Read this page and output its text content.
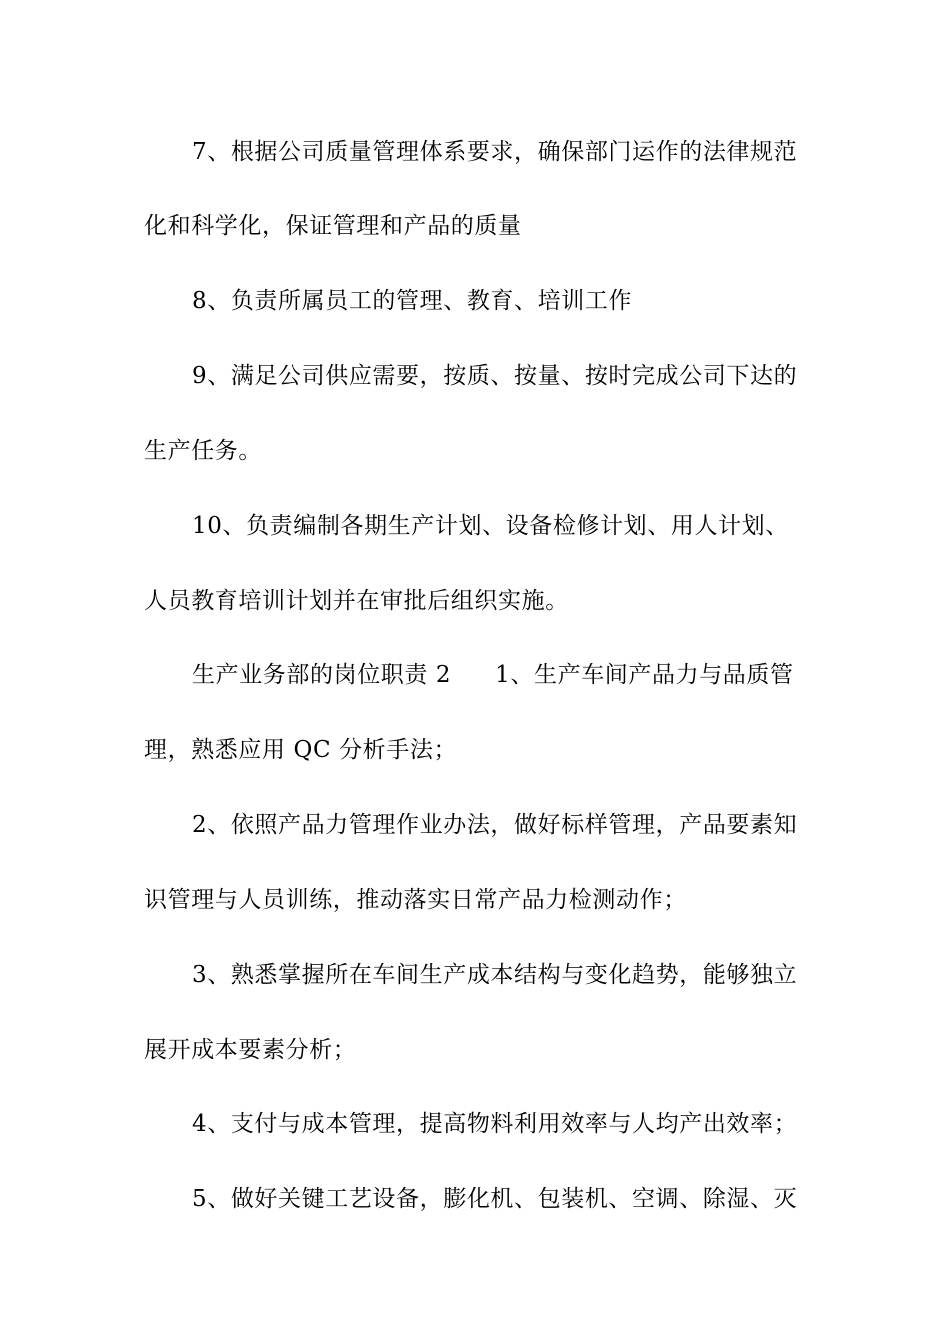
7、根据公司质量管理体系要求，确保部门运作的法律规范
化和科学化，保证管理和产品的质量
8、负责所属员工的管理、教育、培训工作
9、满足公司供应需要，按质、按量、按时完成公司下达的
生产任务。
10、负责编制各期生产计划、设备检修计划、用人计划、
人员教育培训计划并在审批后组织实施。
生产业务部的岗位职责 2 1、生产车间产品力与品质管
理，熟悉应用 QC 分析手法；
2、依照产品力管理作业办法，做好标样管理，产品要素知
识管理与人员训练，推动落实日常产品力检测动作；
3、熟悉掌握所在车间生产成本结构与变化趋势，能够独立
展开成本要素分析；
4、支付与成本管理，提高物料利用效率与人均产出效率；
5、做好关键工艺设备，膨化机、包装机、空调、除湿、灭
